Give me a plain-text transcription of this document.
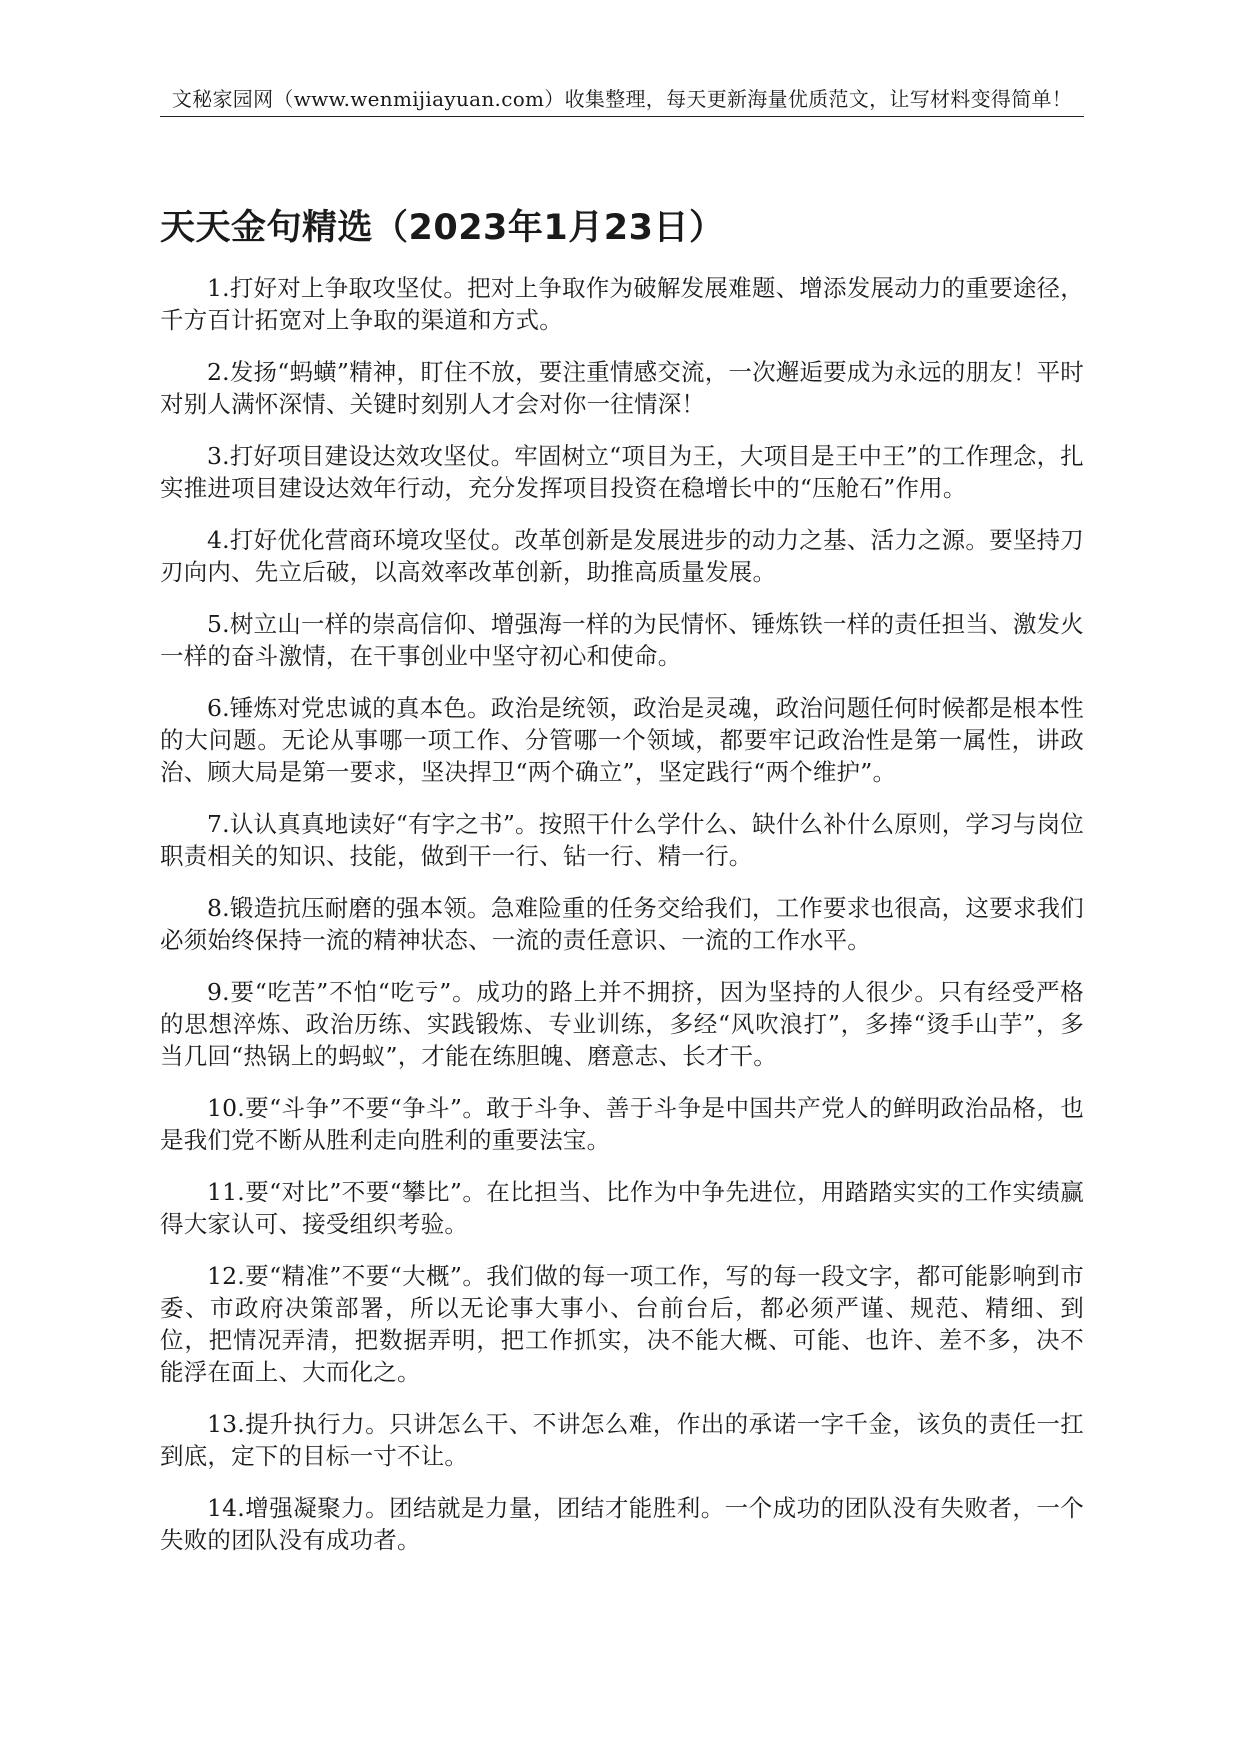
文秘家园网（www.wenmijiayuan.com）收集整理，每天更新海量优质范文，让写材料变得简单！
天天金句精选（2023年1月23日）

1.打好对上争取攻坚仗。把对上争取作为破解发展难题、增添发展动力的重要途径，千方百计拓宽对上争取的渠道和方式。

2.发扬“蚂蟥”精神，盯住不放，要注重情感交流，一次邂逅要成为永远的朋友！平时对别人满怀深情、关键时刻别人才会对你一往情深！

3.打好项目建设达效攻坚仗。牢固树立“项目为王，大项目是王中王”的工作理念，扎实推进项目建设达效年行动，充分发挥项目投资在稳增长中的“压舱石”作用。

4.打好优化营商环境攻坚仗。改革创新是发展进步的动力之基、活力之源。要坚持刀刃向内、先立后破，以高效率改革创新，助推高质量发展。

5.树立山一样的崇高信仰、增强海一样的为民情怀、锤炼铁一样的责任担当、激发火一样的奋斗激情，在干事创业中坚守初心和使命。

6.锤炼对党忠诚的真本色。政治是统领，政治是灵魂，政治问题任何时候都是根本性的大问题。无论从事哪一项工作、分管哪一个领域，都要牢记政治性是第一属性，讲政治、顾大局是第一要求，坚决捍卫“两个确立”，坚定践行“两个维护”。

7.认认真真地读好“有字之书”。按照干什么学什么、缺什么补什么原则，学习与岗位职责相关的知识、技能，做到干一行、钻一行、精一行。

8.锻造抗压耐磨的强本领。急难险重的任务交给我们，工作要求也很高，这要求我们必须始终保持一流的精神状态、一流的责任意识、一流的工作水平。

9.要“吃苦”不怕“吃亏”。成功的路上并不拥挤，因为坚持的人很少。只有经受严格的思想淬炼、政治历练、实践锻炼、专业训练，多经“风吹浪打”，多捧“烫手山芋”，多当几回“热锅上的蚂蚁”，才能在练胆魄、磨意志、长才干。

10.要“斗争”不要“争斗”。敢于斗争、善于斗争是中国共产党人的鲜明政治品格，也是我们党不断从胜利走向胜利的重要法宝。

11.要“对比”不要“攀比”。在比担当、比作为中争先进位，用踏踏实实的工作实绩赢得大家认可、接受组织考验。

12.要“精准”不要“大概”。我们做的每一项工作，写的每一段文字，都可能影响到市委、市政府决策部署，所以无论事大事小、台前台后，都必须严谨、规范、精细、到位，把情况弄清，把数据弄明，把工作抓实，决不能大概、可能、也许、差不多，决不能浮在面上、大而化之。

13.提升执行力。只讲怎么干、不讲怎么难，作出的承诺一字千金，该负的责任一扛到底，定下的目标一寸不让。

14.增强凝聚力。团结就是力量，团结才能胜利。一个成功的团队没有失败者，一个失败的团队没有成功者。
